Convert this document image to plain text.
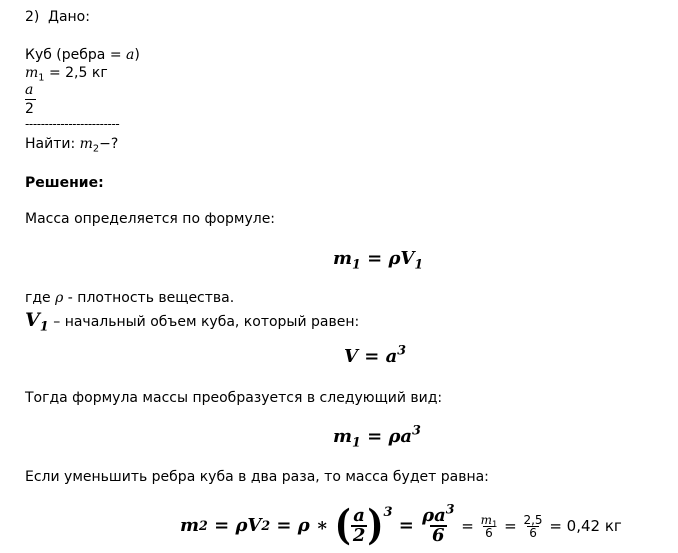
2) Дано:
Куб (ребра = a)
$m_1 = 2,5$ кг
$\frac{a}{2}$
------------------------
Найти: $m_2-$?
Решение:
Масса определяется по формуле:
$m_1 = \rho V_1$
где ρ - плотность вещества.
$V_1$ – начальный объем куба, который равен:
$V = a^3$
Тогда формула массы преобразуется в следующий вид:
$m_1 = \rho a^3$
Если уменьшить ребра куба в два раза, то масса будет равна:
m 2 = ρV 2 = ρ ∗ ( $\frac{a}{2}$ ) 3
= $\frac{\rho a^3}{6} = \frac{m_1}{6} = \frac{2,5}{6} = 0,42$ кг
